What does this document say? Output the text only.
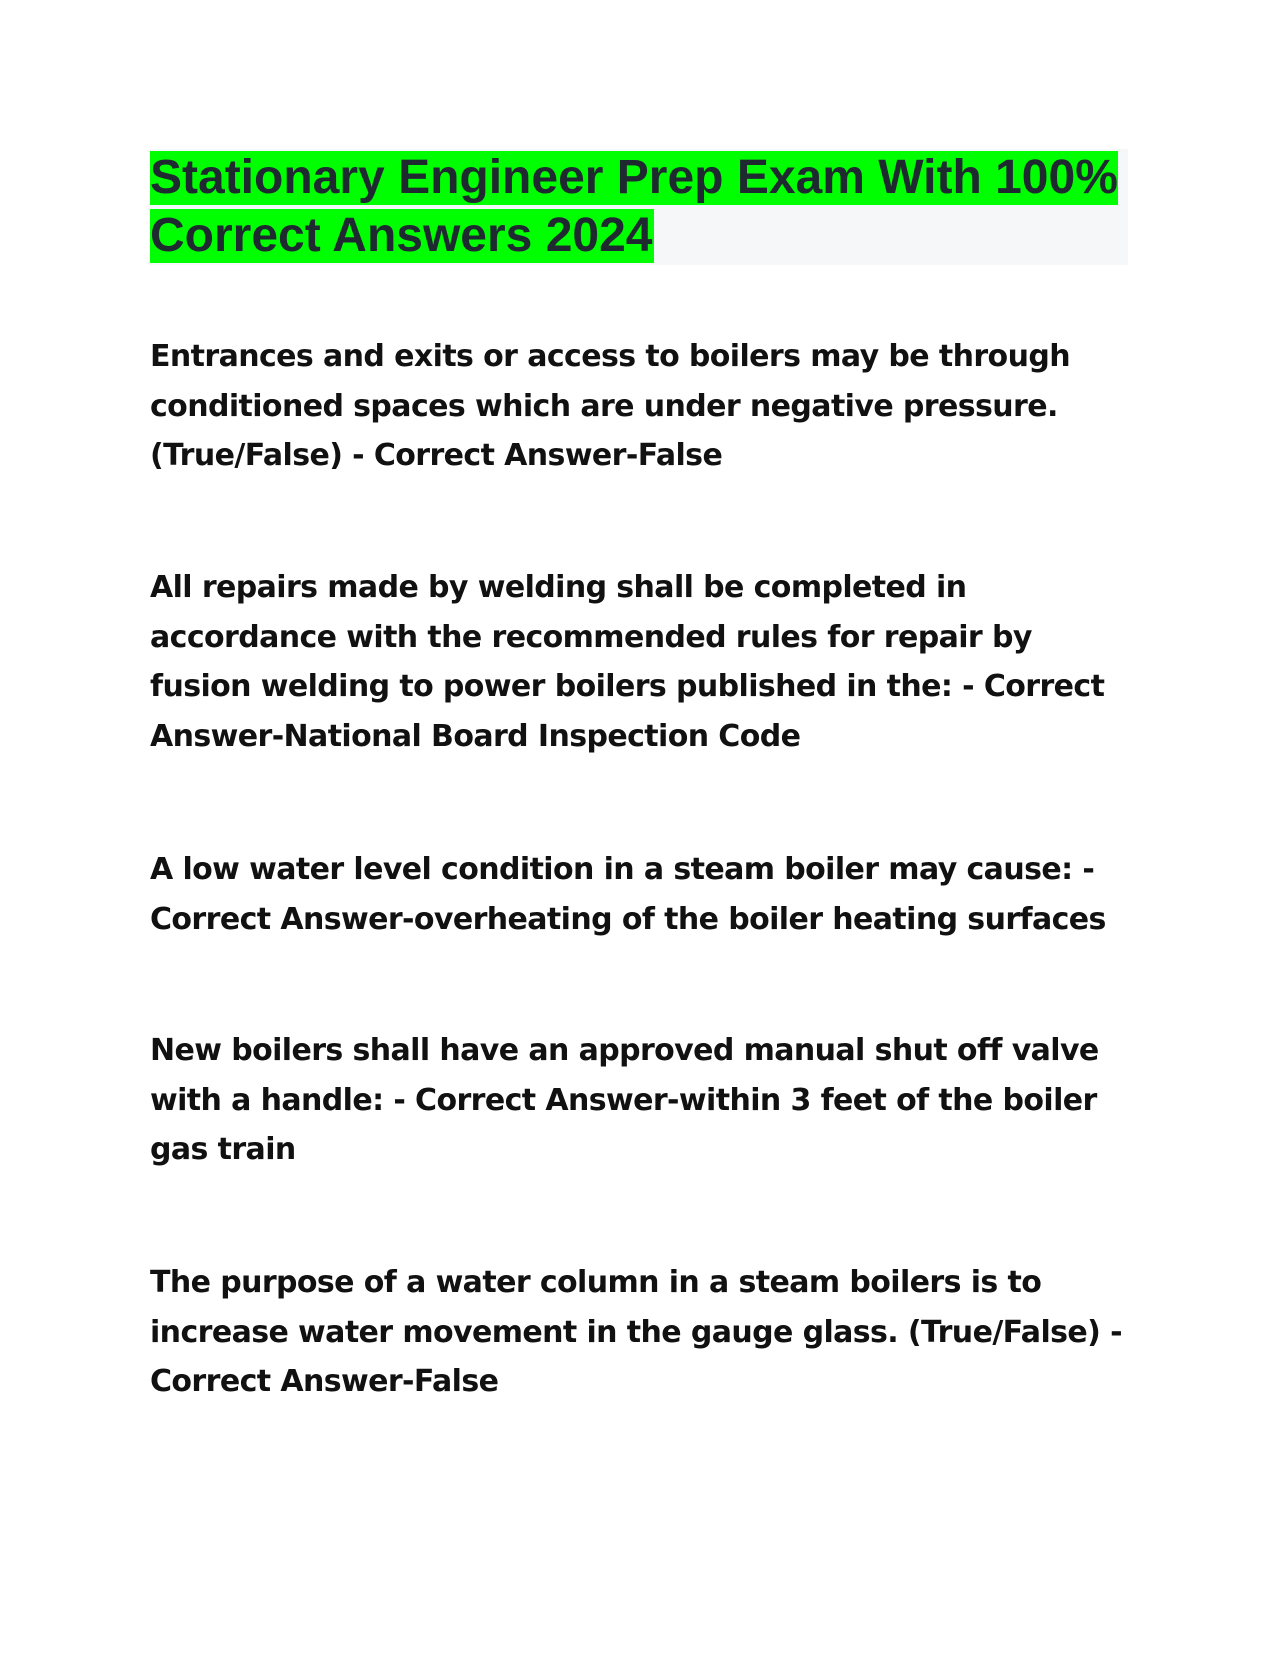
Stationary Engineer Prep Exam With 100% Correct Answers 2024

Entrances and exits or access to boilers may be through conditioned spaces which are under negative pressure. (True/False) - Correct Answer-False

All repairs made by welding shall be completed in accordance with the recommended rules for repair by fusion welding to power boilers published in the: - Correct Answer-National Board Inspection Code

A low water level condition in a steam boiler may cause: - Correct Answer-overheating of the boiler heating surfaces

New boilers shall have an approved manual shut off valve with a handle: - Correct Answer-within 3 feet of the boiler gas train

The purpose of a water column in a steam boilers is to increase water movement in the gauge glass. (True/False) - Correct Answer-False
